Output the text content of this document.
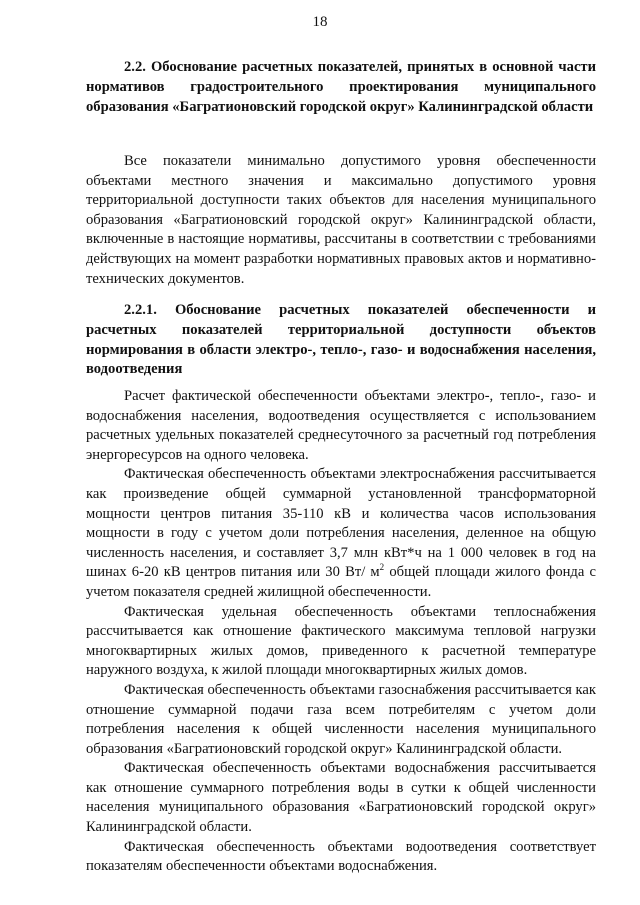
18
2.2. Обоснование расчетных показателей, принятых в основной части нормативов градостроительного проектирования муниципального образования «Багратионовский городской округ» Калининградской области

Все показатели минимально допустимого уровня обеспеченности объектами местного значения и максимально допустимого уровня территориальной доступности таких объектов для населения муниципального образования «Багратионовский городской округ» Калининградской области, включенные в настоящие нормативы, рассчитаны в соответствии с требованиями действующих на момент разработки нормативных правовых актов и нормативно-технических документов.

2.2.1. Обоснование расчетных показателей обеспеченности и расчетных показателей территориальной доступности объектов нормирования в области электро-, тепло-, газо- и водоснабжения населения, водоотведения

Расчет фактической обеспеченности объектами электро-, тепло-, газо- и водоснабжения населения, водоотведения осуществляется с использованием расчетных удельных показателей среднесуточного за расчетный год потребления энергоресурсов на одного человека.

Фактическая обеспеченность объектами электроснабжения рассчитывается как произведение общей суммарной установленной трансформаторной мощности центров питания 35-110 кВ и количества часов использования мощности в году с учетом доли потребления населения, деленное на общую численность населения, и составляет 3,7 млн кВт*ч на 1 000 человек в год на шинах 6-20 кВ центров питания или 30 Вт/ $м^2$ общей площади жилого фонда с учетом показателя средней жилищной обеспеченности.

Фактическая удельная обеспеченность объектами теплоснабжения рассчитывается как отношение фактического максимума тепловой нагрузки многоквартирных жилых домов, приведенного к расчетной температуре наружного воздуха, к жилой площади многоквартирных жилых домов.

Фактическая обеспеченность объектами газоснабжения рассчитывается как отношение суммарной подачи газа всем потребителям с учетом доли потребления населения к общей численности населения муниципального образования «Багратионовский городской округ» Калининградской области.

Фактическая обеспеченность объектами водоснабжения рассчитывается как отношение суммарного потребления воды в сутки к общей численности населения муниципального образования «Багратионовский городской округ» Калининградской области.

Фактическая обеспеченность объектами водоотведения соответствует показателям обеспеченности объектами водоснабжения.
